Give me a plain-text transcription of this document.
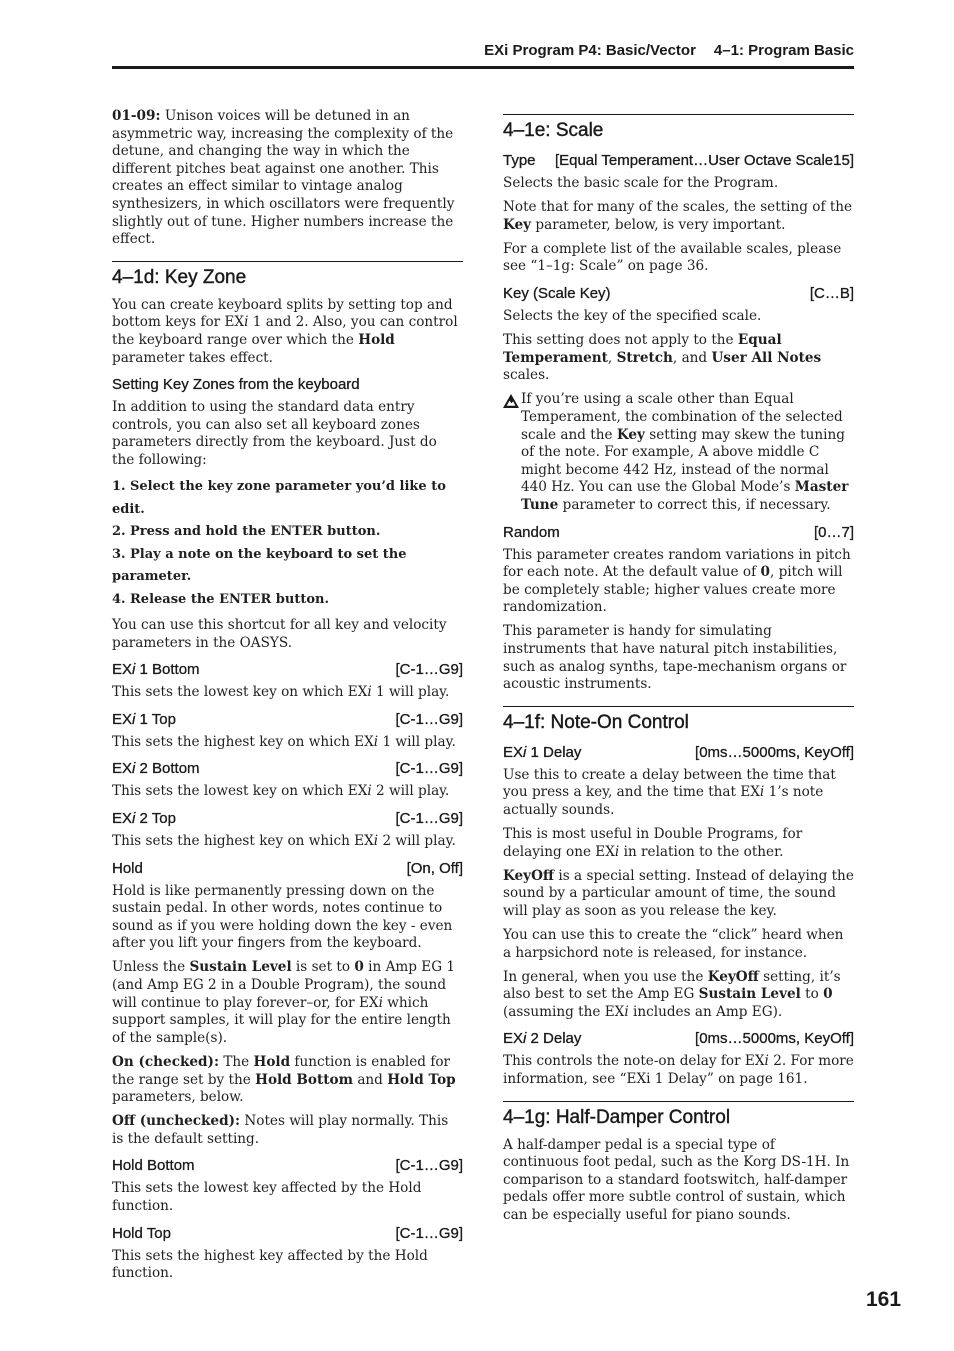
EXi Program P4: Basic/Vector 4–1: Program Basic

01-09: Unison voices will be detuned in an asymmetric way, increasing the complexity of the detune, and changing the way in which the different pitches beat against one another. This creates an effect similar to vintage analog synthesizers, in which oscillators were frequently slightly out of tune. Higher numbers increase the effect.

4–1d: Key Zone

You can create keyboard splits by setting top and bottom keys for EXi 1 and 2. Also, you can control the keyboard range over which the Hold parameter takes effect.

Setting Key Zones from the keyboard

In addition to using the standard data entry controls, you can also set all keyboard zones parameters directly from the keyboard. Just do the following:

1. Select the key zone parameter you’d like to edit.
2. Press and hold the ENTER button.
3. Play a note on the keyboard to set the parameter.
4. Release the ENTER button.

You can use this shortcut for all key and velocity parameters in the OASYS.

EXi 1 Bottom	[C-1…G9]

This sets the lowest key on which EXi 1 will play.

EXi 1 Top	[C-1…G9]

This sets the highest key on which EXi 1 will play.

EXi 2 Bottom	[C-1…G9]

This sets the lowest key on which EXi 2 will play.

EXi 2 Top	[C-1…G9]

This sets the highest key on which EXi 2 will play.

Hold	[On, Off]

Hold is like permanently pressing down on the sustain pedal. In other words, notes continue to sound as if you were holding down the key - even after you lift your fingers from the keyboard.

Unless the Sustain Level is set to 0 in Amp EG 1 (and Amp EG 2 in a Double Program), the sound will continue to play forever–or, for EXi which support samples, it will play for the entire length of the sample(s).

On (checked): The Hold function is enabled for the range set by the Hold Bottom and Hold Top parameters, below.

Off (unchecked): Notes will play normally. This is the default setting.

Hold Bottom	[C-1…G9]

This sets the lowest key affected by the Hold function.

Hold Top	[C-1…G9]

This sets the highest key affected by the Hold function.

4–1e: Scale
Type [Equal Temperament…User Octave Scale15]

Selects the basic scale for the Program.

Note that for many of the scales, the setting of the Key parameter, below, is very important.

For a complete list of the available scales, please see “1–1g: Scale” on page 36.

Key (Scale Key)	[C…B]

Selects the key of the specified scale.

This setting does not apply to the Equal Temperament, Stretch, and User All Notes scales.

If you’re using a scale other than Equal Temperament, the combination of the selected scale and the Key setting may skew the tuning of the note. For example, A above middle C might become 442 Hz, instead of the normal 440 Hz. You can use the Global Mode’s Master Tune parameter to correct this, if necessary.

Random	[0…7]

This parameter creates random variations in pitch for each note. At the default value of 0, pitch will be completely stable; higher values create more randomization.

This parameter is handy for simulating instruments that have natural pitch instabilities, such as analog synths, tape-mechanism organs or acoustic instruments.

4–1f: Note-On Control
EXi 1 Delay	[0ms…5000ms, KeyOff]

Use this to create a delay between the time that you press a key, and the time that EXi 1’s note actually sounds.

This is most useful in Double Programs, for delaying one EXi in relation to the other.

KeyOff is a special setting. Instead of delaying the sound by a particular amount of time, the sound will play as soon as you release the key.

You can use this to create the “click” heard when a harpsichord note is released, for instance.

In general, when you use the KeyOff setting, it’s also best to set the Amp EG Sustain Level to 0 (assuming the EXi includes an Amp EG).

EXi 2 Delay	[0ms…5000ms, KeyOff]

This controls the note-on delay for EXi 2. For more information, see “EXi 1 Delay” on page 161.

4–1g: Half-Damper Control

A half-damper pedal is a special type of continuous foot pedal, such as the Korg DS-1H. In comparison to a standard footswitch, half-damper pedals offer more subtle control of sustain, which can be especially useful for piano sounds.

161
